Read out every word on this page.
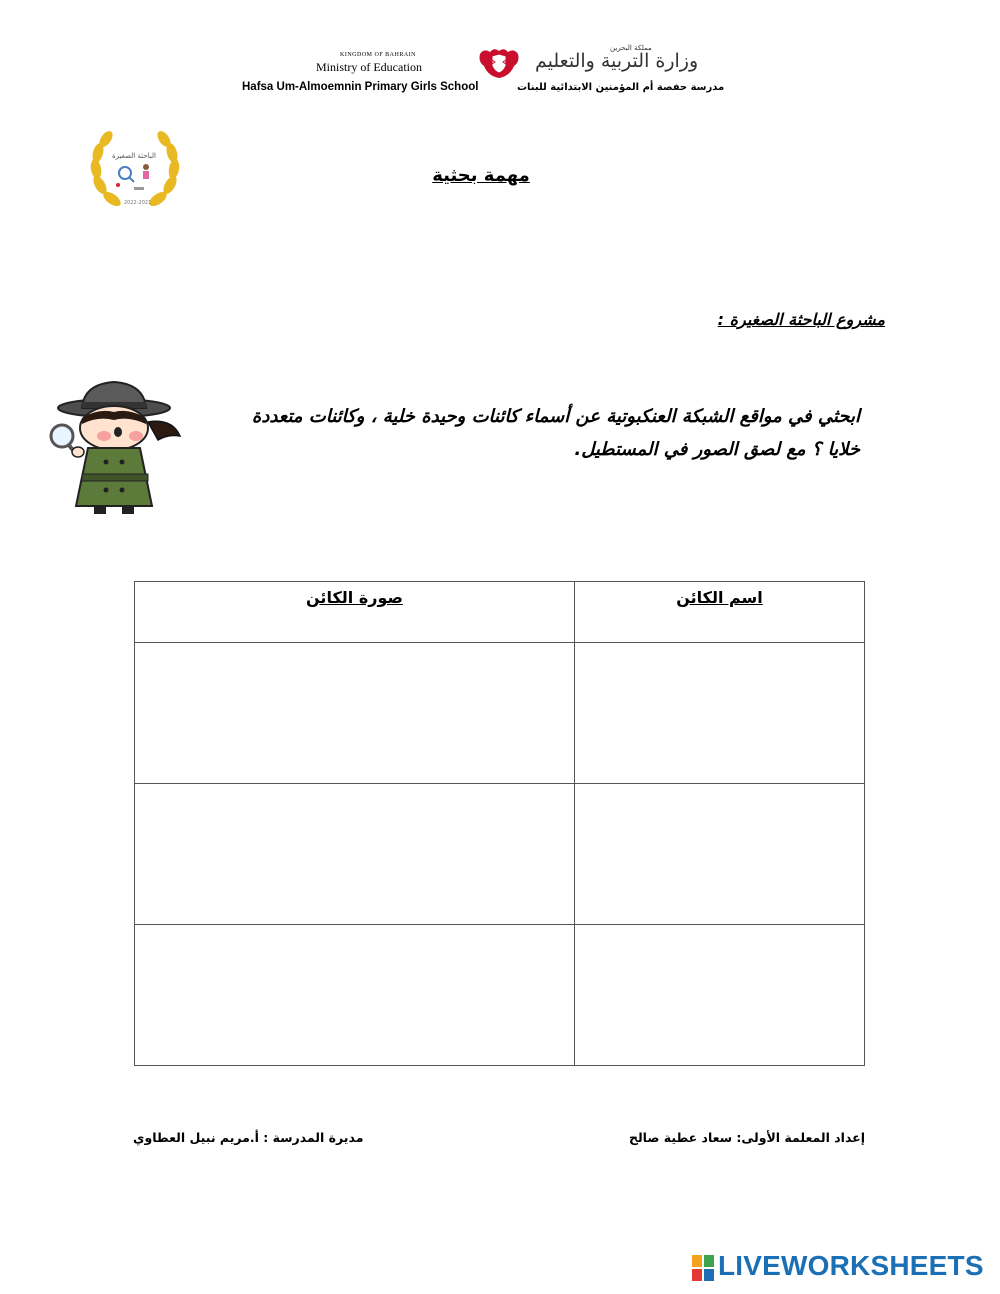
KINGDOM OF BAHRAIN
Ministry of Education
مملكة البحرين
وزارة التربية والتعليم
Hafsa Um-Almoemnin Primary Girls School	مدرسة حفصة أم المؤمنين الابتدائية للبنات
الباحثة الصغيرة
2022-2021
مهمة بحثية
مشروع الباحثة الصغيرة :
ابحثي في مواقع الشبكة العنكبوتية عن أسماء كائنات وحيدة خلية ، وكائنات متعددة خلايا ؟ مع لصق الصور في المستطيل.
اسم الكائن	صورة الكائن

إعداد المعلمة الأولى: سعاد عطية صالح
مديرة المدرسة : أ.مريم نبيل العطاوي
LIVEWORKSHEETS
